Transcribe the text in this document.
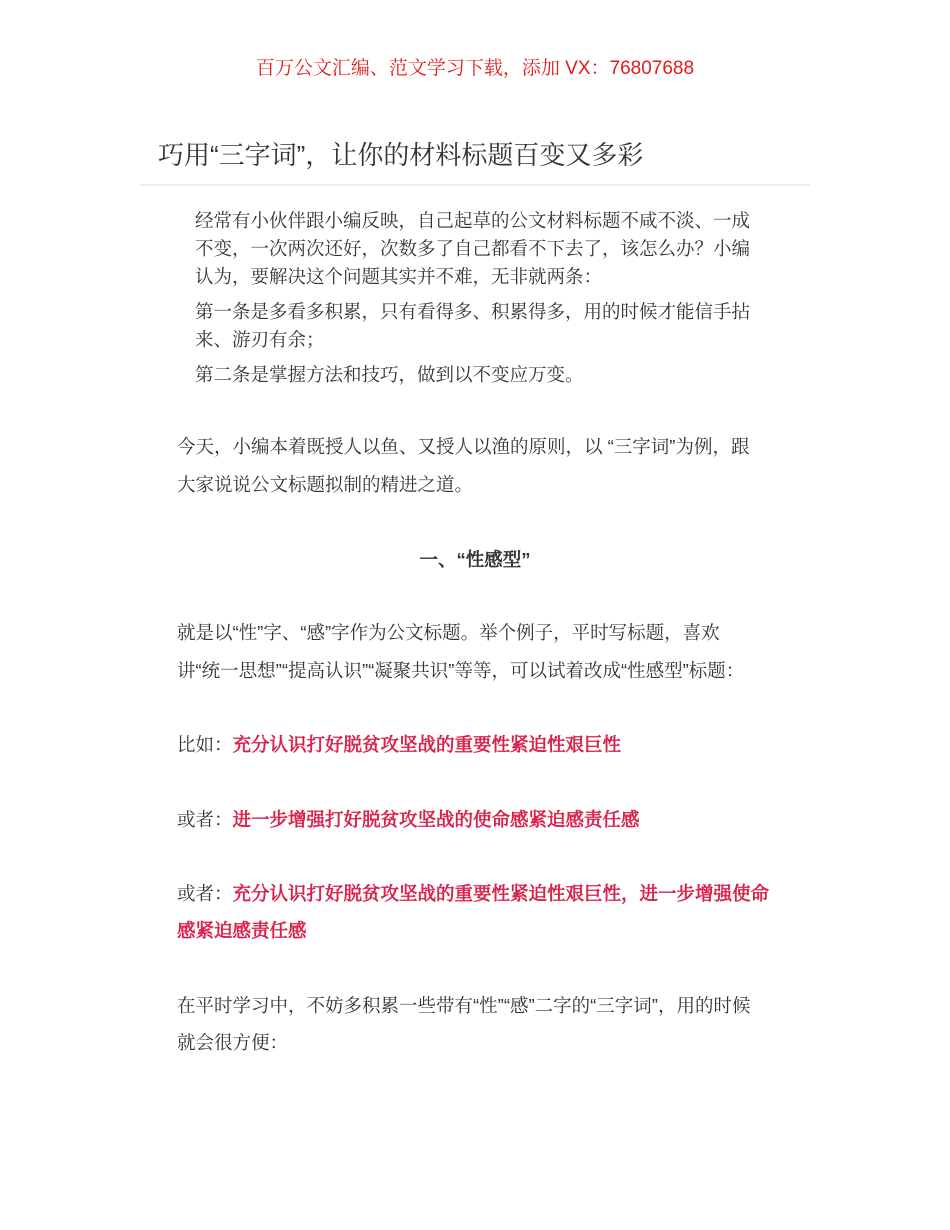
百万公文汇编、范文学习下载，添加 VX：76807688
巧用“三字词”，让你的材料标题百变又多彩
经常有小伙伴跟小编反映，自己起草的公文材料标题不咸不淡、一成
不变，一次两次还好，次数多了自己都看不下去了，该怎么办？小编
认为，要解决这个问题其实并不难，无非就两条：
第一条是多看多积累，只有看得多、积累得多，用的时候才能信手拈
来、游刃有余；
第二条是掌握方法和技巧，做到以不变应万变。
今天，小编本着既授人以鱼、又授人以渔的原则，以 “三字词”为例，跟
大家说说公文标题拟制的精进之道。
一、“性感型”
就是以“性”字、“感”字作为公文标题。举个例子，平时写标题，喜欢
讲“统一思想”“提高认识”“凝聚共识”等等，可以试着改成“性感型”标题：
比如：充分认识打好脱贫攻坚战的重要性紧迫性艰巨性
或者：进一步增强打好脱贫攻坚战的使命感紧迫感责任感
或者：充分认识打好脱贫攻坚战的重要性紧迫性艰巨性，进一步增强使命
感紧迫感责任感
在平时学习中，不妨多积累一些带有“性”“感”二字的“三字词”，用的时候
就会很方便：
